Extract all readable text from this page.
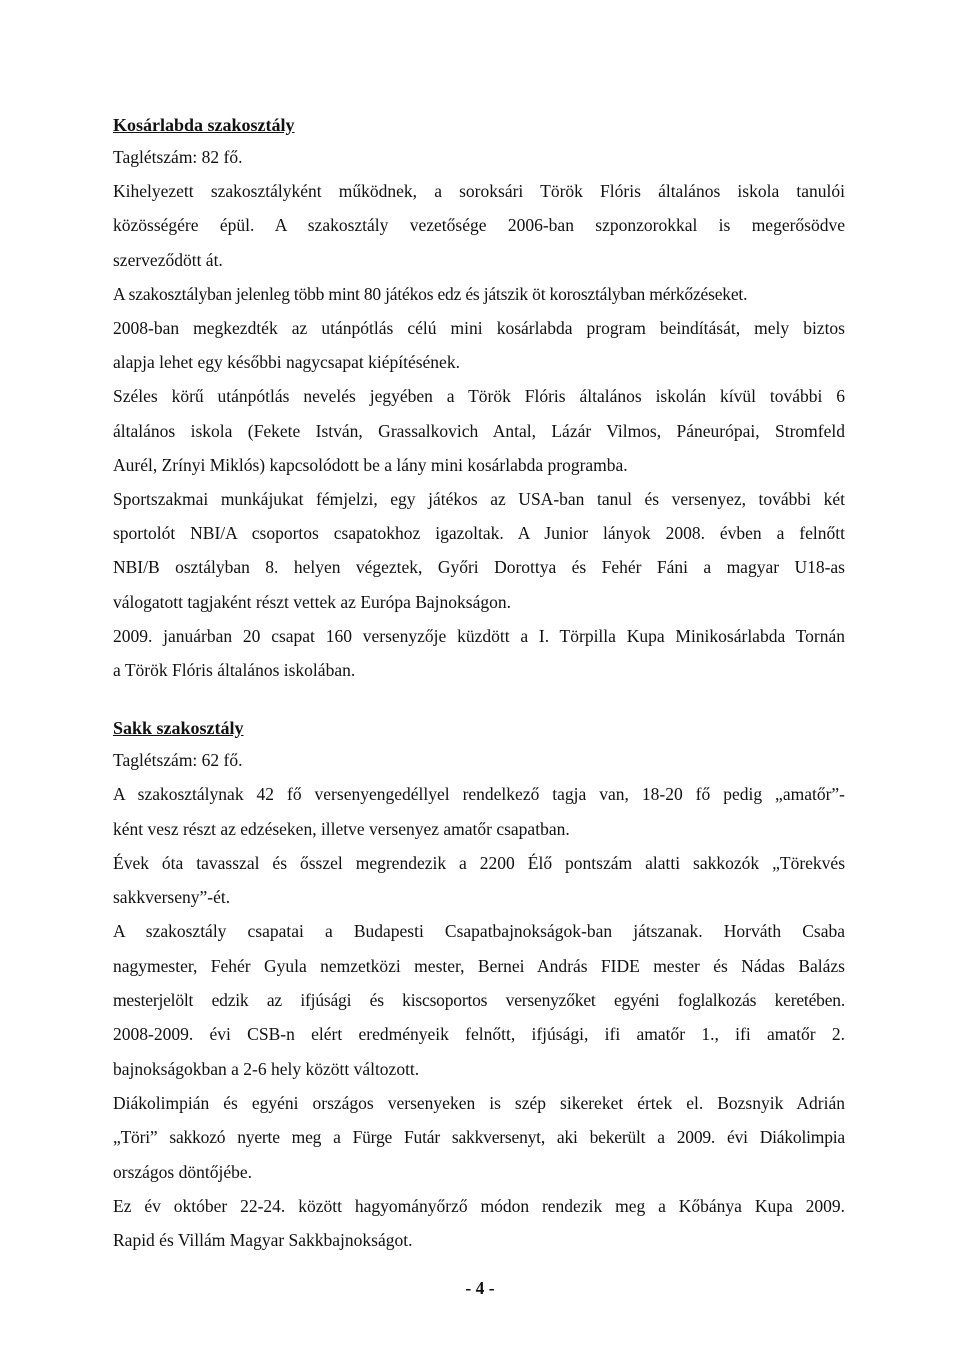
Kosárlabda szakosztály
Taglétszám: 82 fő.
Kihelyezett szakosztályként működnek, a soroksári Török Flóris általános iskola tanulói
közösségére épül. A szakosztály vezetősége 2006-ban szponzorokkal is megerősödve
szerveződött át.
A szakosztályban jelenleg több mint 80 játékos edz és játszik öt korosztályban mérkőzéseket.
2008-ban megkezdték az utánpótlás célú mini kosárlabda program beindítását, mely biztos
alapja lehet egy későbbi nagycsapat kiépítésének.
Széles körű utánpótlás nevelés jegyében a Török Flóris általános iskolán kívül további 6
általános iskola (Fekete István, Grassalkovich Antal, Lázár Vilmos, Páneurópai, Stromfeld
Aurél, Zrínyi Miklós) kapcsolódott be a lány mini kosárlabda programba.
Sportszakmai munkájukat fémjelzi, egy játékos az USA-ban tanul és versenyez, további két
sportolót NBI/A csoportos csapatokhoz igazoltak. A Junior lányok 2008. évben a felnőtt
NBI/B osztályban 8. helyen végeztek, Győri Dorottya és Fehér Fáni a magyar U18-as
válogatott tagjaként részt vettek az Európa Bajnokságon.
2009. januárban 20 csapat 160 versenyzője küzdött a I. Törpilla Kupa Minikosárlabda Tornán
a Török Flóris általános iskolában.
Sakk szakosztály
Taglétszám: 62 fő.
A szakosztálynak 42 fő versenyengedéllyel rendelkező tagja van, 18-20 fő pedig „amatőr”-
ként vesz részt az edzéseken, illetve versenyez amatőr csapatban.
Évek óta tavasszal és ősszel megrendezik a 2200 Élő pontszám alatti sakkozók „Törekvés
sakkverseny”-ét.
A szakosztály csapatai a Budapesti Csapatbajnokságok-ban játszanak. Horváth Csaba
nagymester, Fehér Gyula nemzetközi mester, Bernei András FIDE mester és Nádas Balázs
mesterjelölt edzik az ifjúsági és kiscsoportos versenyzőket egyéni foglalkozás keretében.
2008-2009. évi CSB-n elért eredményeik felnőtt, ifjúsági, ifi amatőr 1., ifi amatőr 2.
bajnokságokban a 2-6 hely között változott.
Diákolimpián és egyéni országos versenyeken is szép sikereket értek el. Bozsnyik Adrián
„Töri” sakkozó nyerte meg a Fürge Futár sakkversenyt, aki bekerült a 2009. évi Diákolimpia
országos döntőjébe.
Ez év október 22-24. között hagyományőrző módon rendezik meg a Kőbánya Kupa 2009.
Rapid és Villám Magyar Sakkbajnokságot.
- 4 -
